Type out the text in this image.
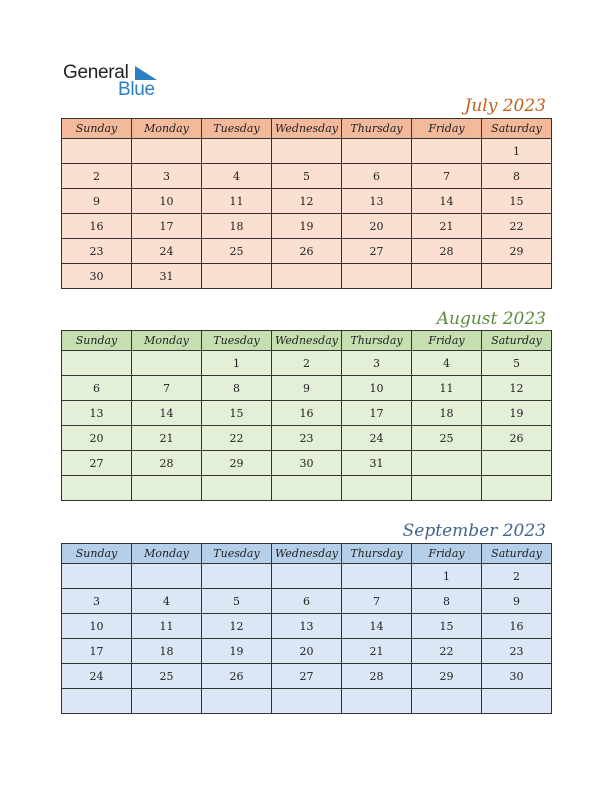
General
Blue
July 2023
Sunday	Monday	Tuesday	Wednesday	Thursday	Friday	Saturday
						1
2	3	4	5	6	7	8
9	10	11	12	13	14	15
16	17	18	19	20	21	22
23	24	25	26	27	28	29
30	31					
August 2023
Sunday	Monday	Tuesday	Wednesday	Thursday	Friday	Saturday
		1	2	3	4	5
6	7	8	9	10	11	12
13	14	15	16	17	18	19
20	21	22	23	24	25	26
27	28	29	30	31		

September 2023
Sunday	Monday	Tuesday	Wednesday	Thursday	Friday	Saturday
					1	2
3	4	5	6	7	8	9
10	11	12	13	14	15	16
17	18	19	20	21	22	23
24	25	26	27	28	29	30
